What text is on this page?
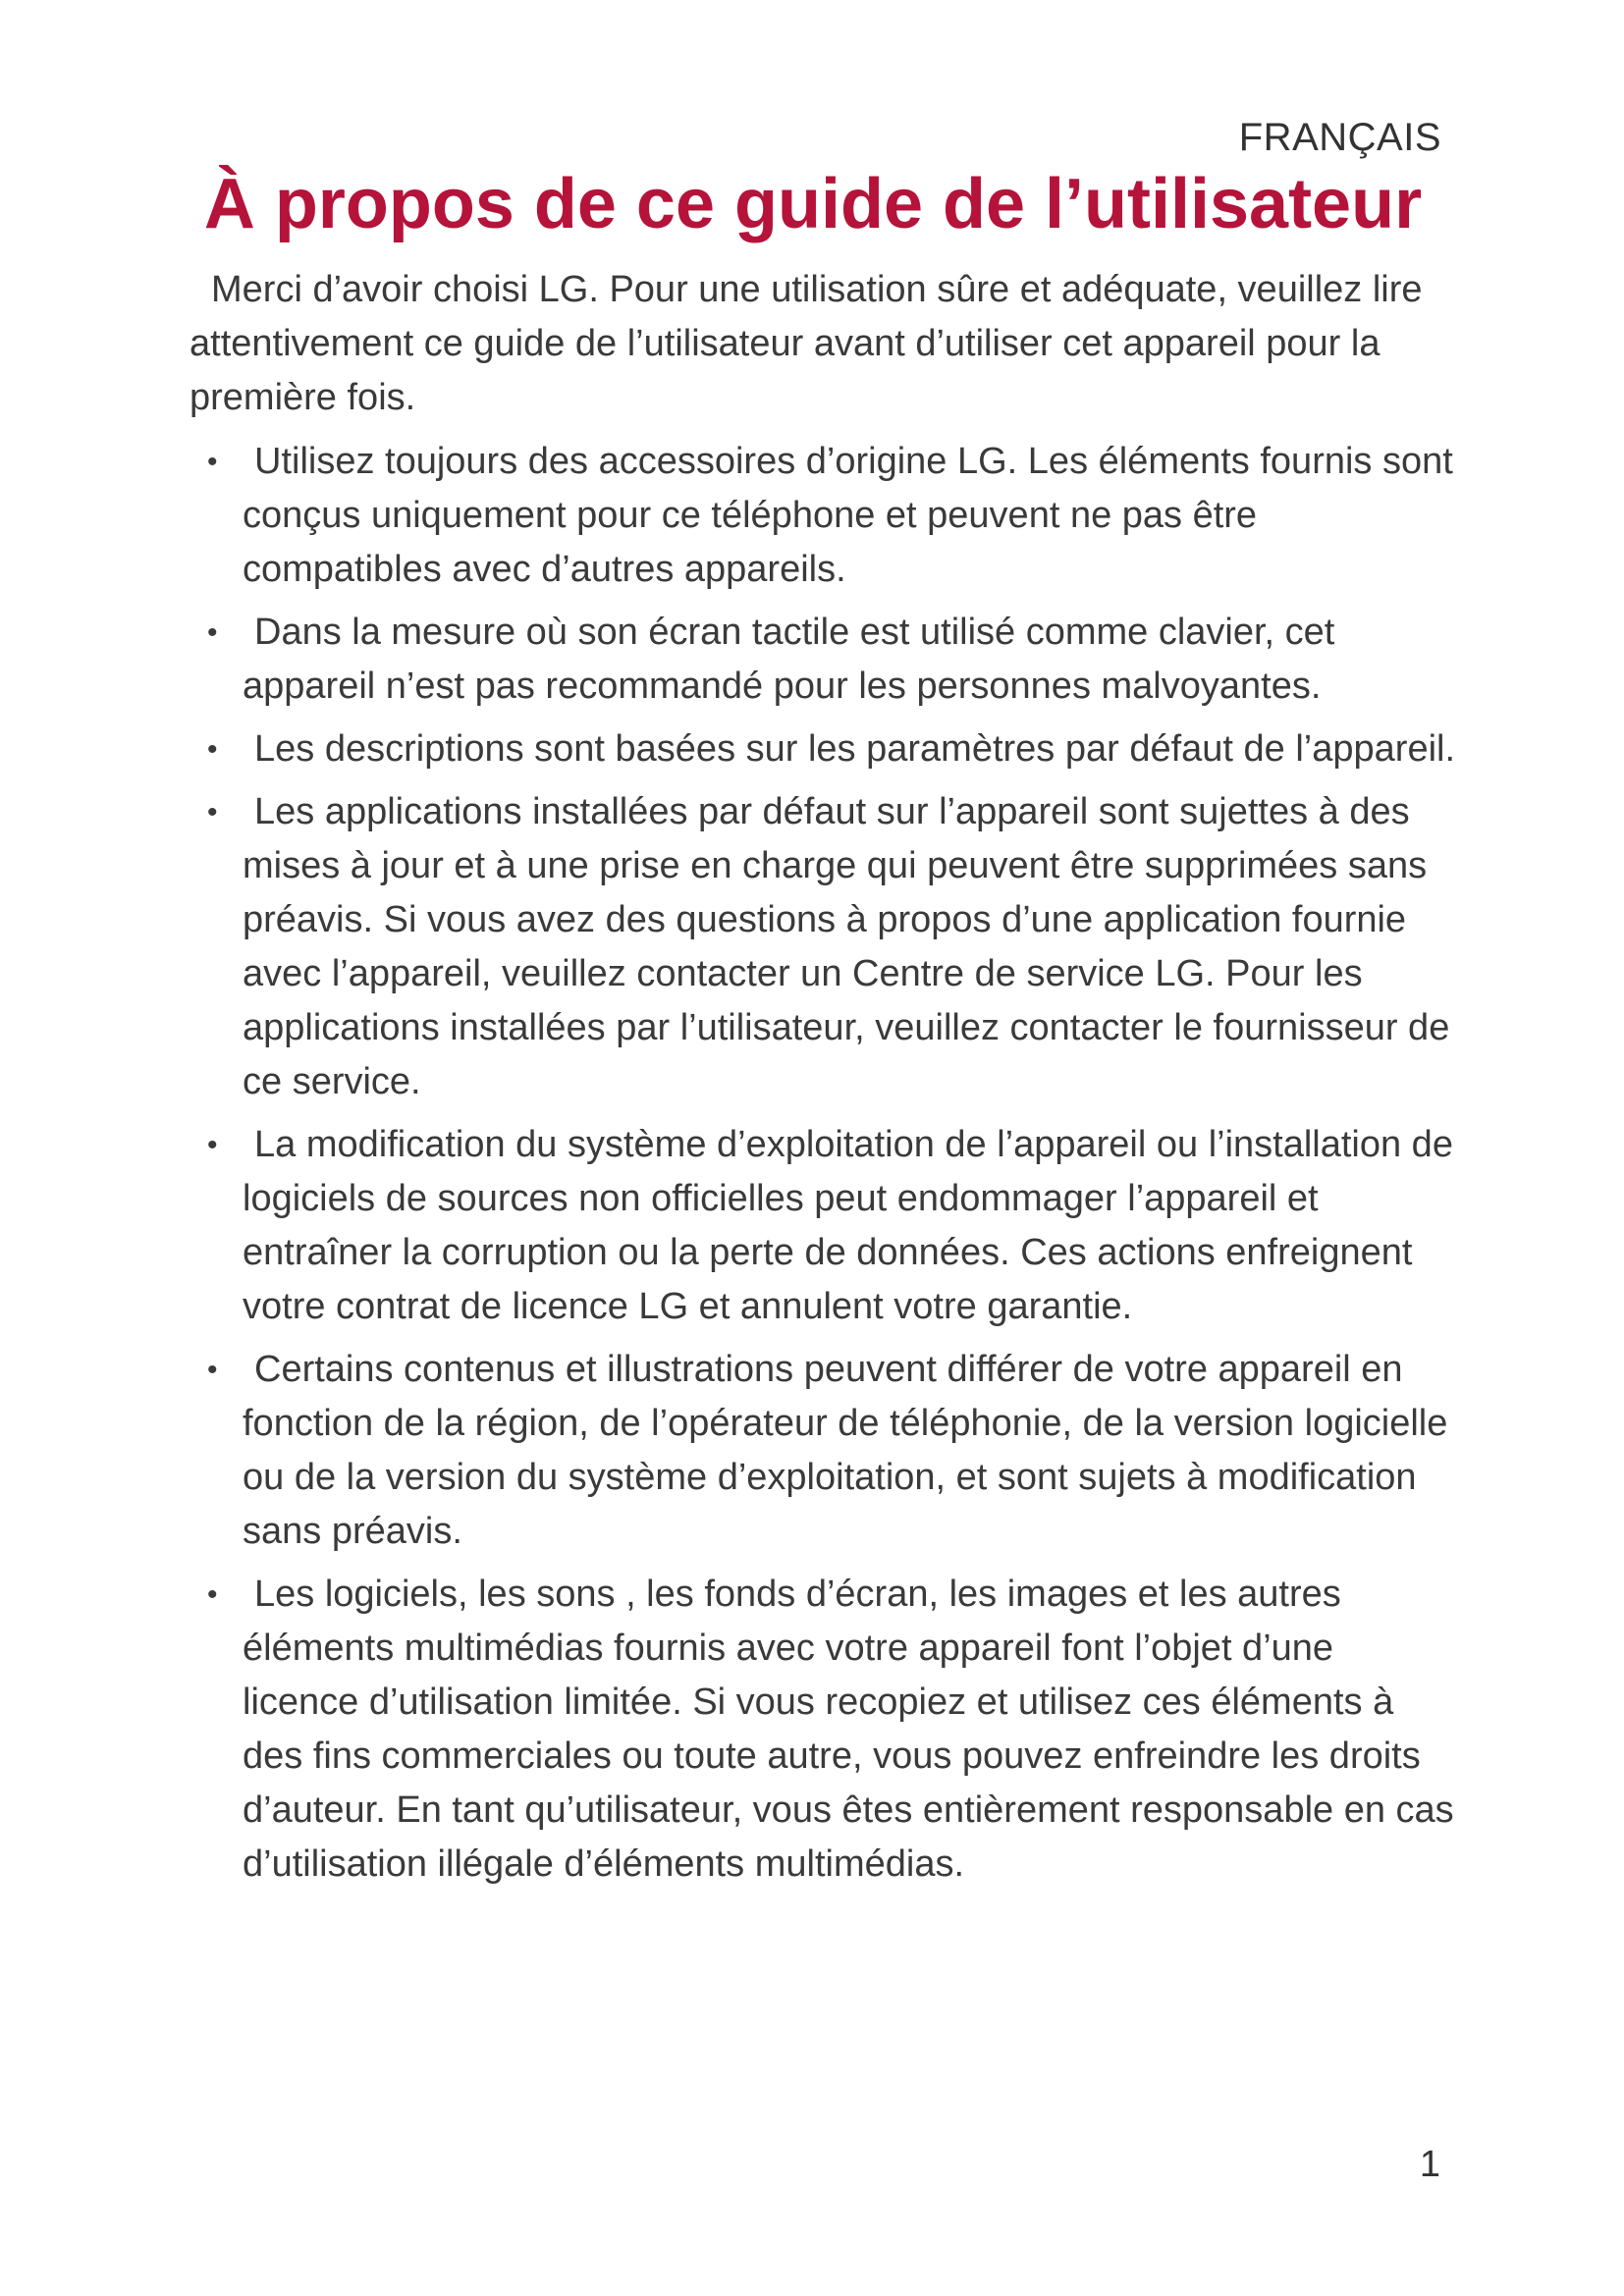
FRANÇAIS
À propos de ce guide de l’utilisateur

Merci d’avoir choisi LG. Pour une utilisation sûre et adéquate, veuillez lire attentivement ce guide de l’utilisateur avant d’utiliser cet appareil pour la première fois.

• Utilisez toujours des accessoires d’origine LG. Les éléments fournis sont conçus uniquement pour ce téléphone et peuvent ne pas être compatibles avec d’autres appareils.
• Dans la mesure où son écran tactile est utilisé comme clavier, cet appareil n’est pas recommandé pour les personnes malvoyantes.
• Les descriptions sont basées sur les paramètres par défaut de l’appareil.
• Les applications installées par défaut sur l’appareil sont sujettes à des mises à jour et à une prise en charge qui peuvent être supprimées sans préavis. Si vous avez des questions à propos d’une application fournie avec l’appareil, veuillez contacter un Centre de service LG. Pour les applications installées par l’utilisateur, veuillez contacter le fournisseur de ce service.
• La modification du système d’exploitation de l’appareil ou l’installation de logiciels de sources non officielles peut endommager l’appareil et entraîner la corruption ou la perte de données. Ces actions enfreignent votre contrat de licence LG et annulent votre garantie.
• Certains contenus et illustrations peuvent différer de votre appareil en fonction de la région, de l’opérateur de téléphonie, de la version logicielle ou de la version du système d’exploitation, et sont sujets à modification sans préavis.
• Les logiciels, les sons , les fonds d’écran, les images et les autres éléments multimédias fournis avec votre appareil font l’objet d’une licence d’utilisation limitée. Si vous recopiez et utilisez ces éléments à des fins commerciales ou toute autre, vous pouvez enfreindre les droits d’auteur. En tant qu’utilisateur, vous êtes entièrement responsable en cas d’utilisation illégale d’éléments multimédias.
1
